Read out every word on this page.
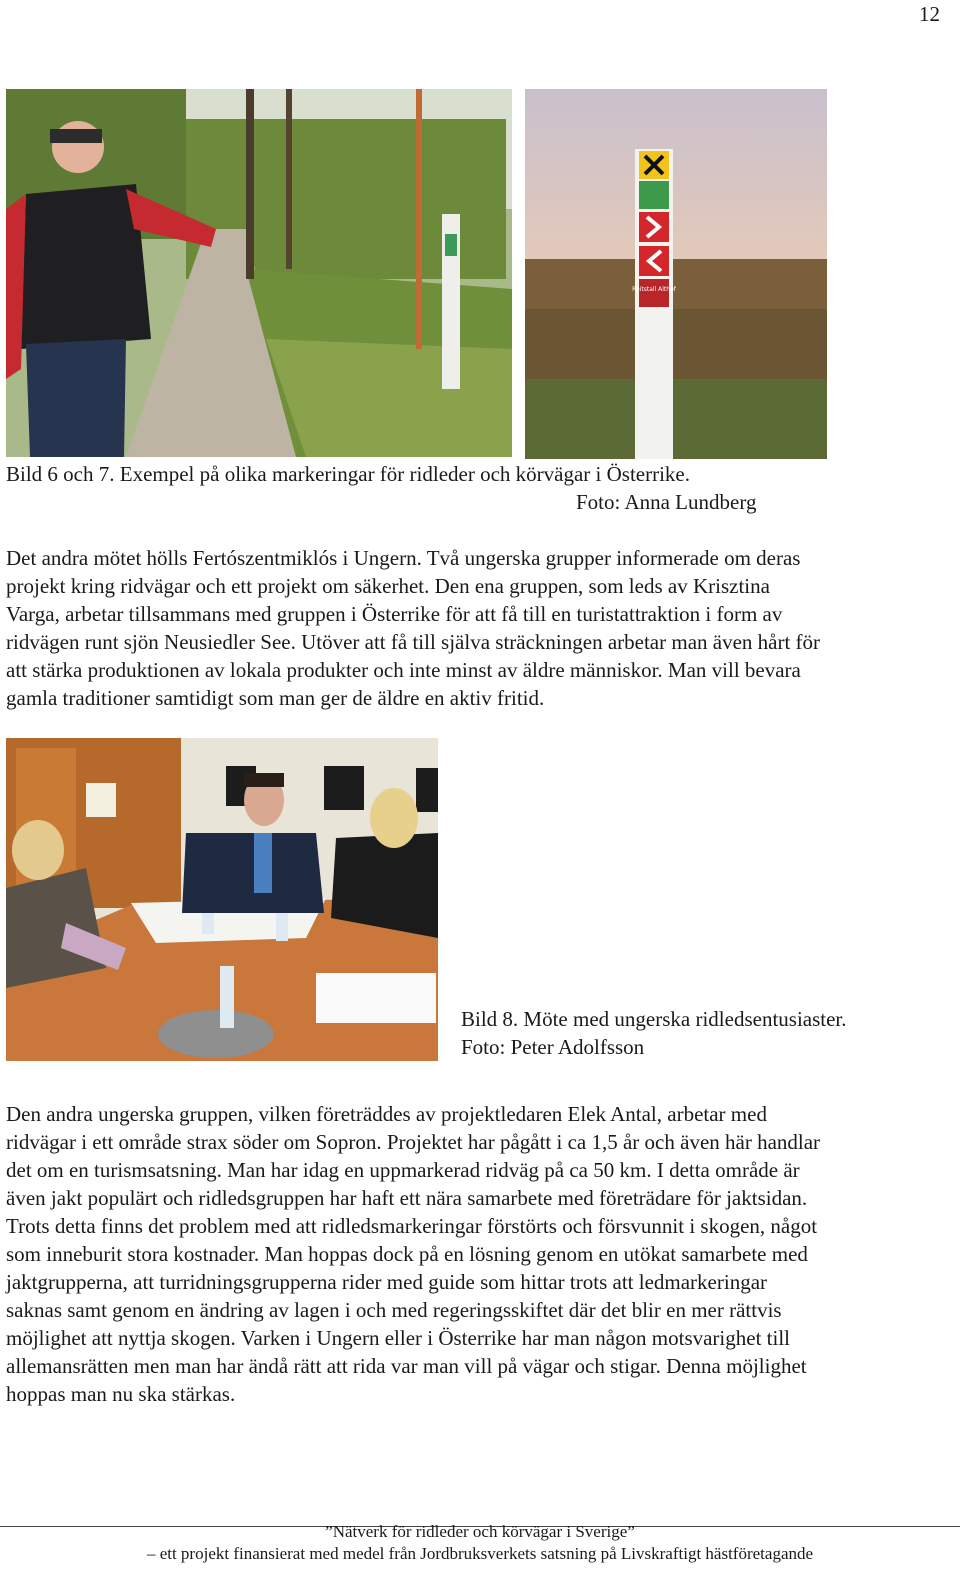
12
Reitstall Althof
Bild 6 och 7. Exempel på olika markeringar för ridleder och körvägar i Österrike.
Foto: Anna Lundberg
Det andra mötet hölls Fertószentmiklós i Ungern. Två ungerska grupper informerade om deras
projekt kring ridvägar och ett projekt om säkerhet. Den ena gruppen, som leds av Krisztina
Varga, arbetar tillsammans med gruppen i Österrike för att få till en turistattraktion i form av
ridvägen runt sjön Neusiedler See. Utöver att få till själva sträckningen arbetar man även hårt för
att stärka produktionen av lokala produkter och inte minst av äldre människor. Man vill bevara
gamla traditioner samtidigt som man ger de äldre en aktiv fritid.
Bild 8. Möte med ungerska ridledsentusiaster.
Foto: Peter Adolfsson
Den andra ungerska gruppen, vilken företräddes av projektledaren Elek Antal, arbetar med
ridvägar i ett område strax söder om Sopron. Projektet har pågått i ca 1,5 år och även här handlar
det om en turismsatsning. Man har idag en uppmarkerad ridväg på ca 50 km. I detta område är
även jakt populärt och ridledsgruppen har haft ett nära samarbete med företrädare för jaktsidan.
Trots detta finns det problem med att ridledsmarkeringar förstörts och försvunnit i skogen, något
som inneburit stora kostnader. Man hoppas dock på en lösning genom en utökat samarbete med
jaktgrupperna, att turridningsgrupperna rider med guide som hittar trots att ledmarkeringar
saknas samt genom en ändring av lagen i och med regeringsskiftet där det blir en mer rättvis
möjlighet att nyttja skogen. Varken i Ungern eller i Österrike har man någon motsvarighet till
allemansrätten men man har ändå rätt att rida var man vill på vägar och stigar. Denna möjlighet
hoppas man nu ska stärkas.
”Nätverk för ridleder och körvägar i Sverige”
– ett projekt finansierat med medel från Jordbruksverkets satsning på Livskraftigt hästföretagande
